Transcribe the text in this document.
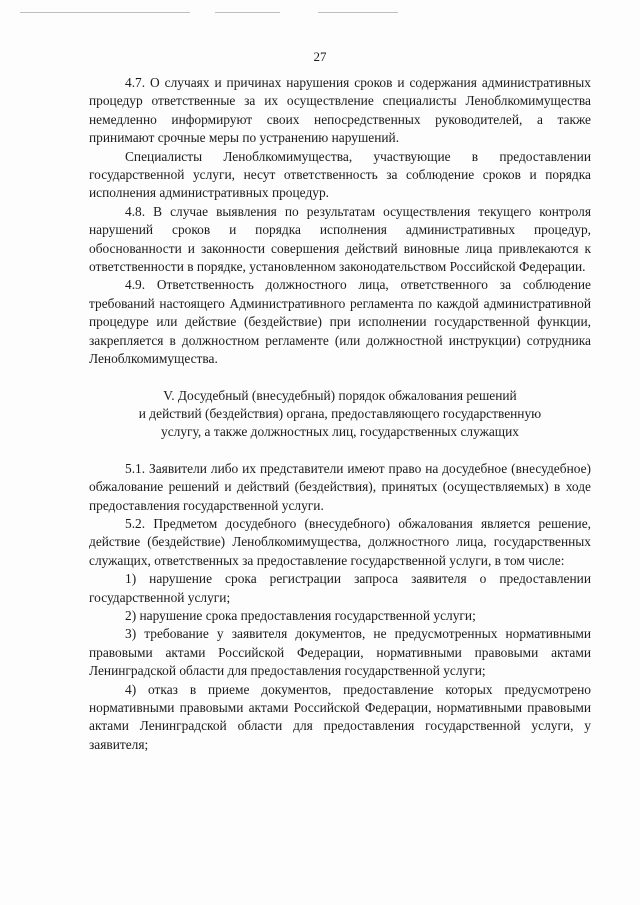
27

4.7. О случаях и причинах нарушения сроков и содержания административных процедур ответственные за их осуществление специалисты Леноблкомимущества немедленно информируют своих непосредственных руководителей, а также принимают срочные меры по устранению нарушений.

Специалисты Леноблкомимущества, участвующие в предоставлении государственной услуги, несут ответственность за соблюдение сроков и порядка исполнения административных процедур.

4.8. В случае выявления по результатам осуществления текущего контроля нарушений сроков и порядка исполнения административных процедур, обоснованности и законности совершения действий виновные лица привлекаются к ответственности в порядке, установленном законодательством Российской Федерации.

4.9. Ответственность должностного лица, ответственного за соблюдение требований настоящего Административного регламента по каждой административной процедуре или действие (бездействие) при исполнении государственной функции, закрепляется в должностном регламенте (или должностной инструкции) сотрудника Леноблкомимущества.

V. Досудебный (внесудебный) порядок обжалования решений
и действий (бездействия) органа, предоставляющего государственную
услугу, а также должностных лиц, государственных служащих

5.1. Заявители либо их представители имеют право на досудебное (внесудебное) обжалование решений и действий (бездействия), принятых (осуществляемых) в ходе предоставления государственной услуги.

5.2. Предметом досудебного (внесудебного) обжалования является решение, действие (бездействие) Леноблкомимущества, должностного лица, государственных служащих, ответственных за предоставление государственной услуги, в том числе:

1) нарушение срока регистрации запроса заявителя о предоставлении государственной услуги;

2) нарушение срока предоставления государственной услуги;

3) требование у заявителя документов, не предусмотренных нормативными правовыми актами Российской Федерации, нормативными правовыми актами Ленинградской области для предоставления государственной услуги;

4) отказ в приеме документов, предоставление которых предусмотрено нормативными правовыми актами Российской Федерации, нормативными правовыми актами Ленинградской области для предоставления государственной услуги, у заявителя;
